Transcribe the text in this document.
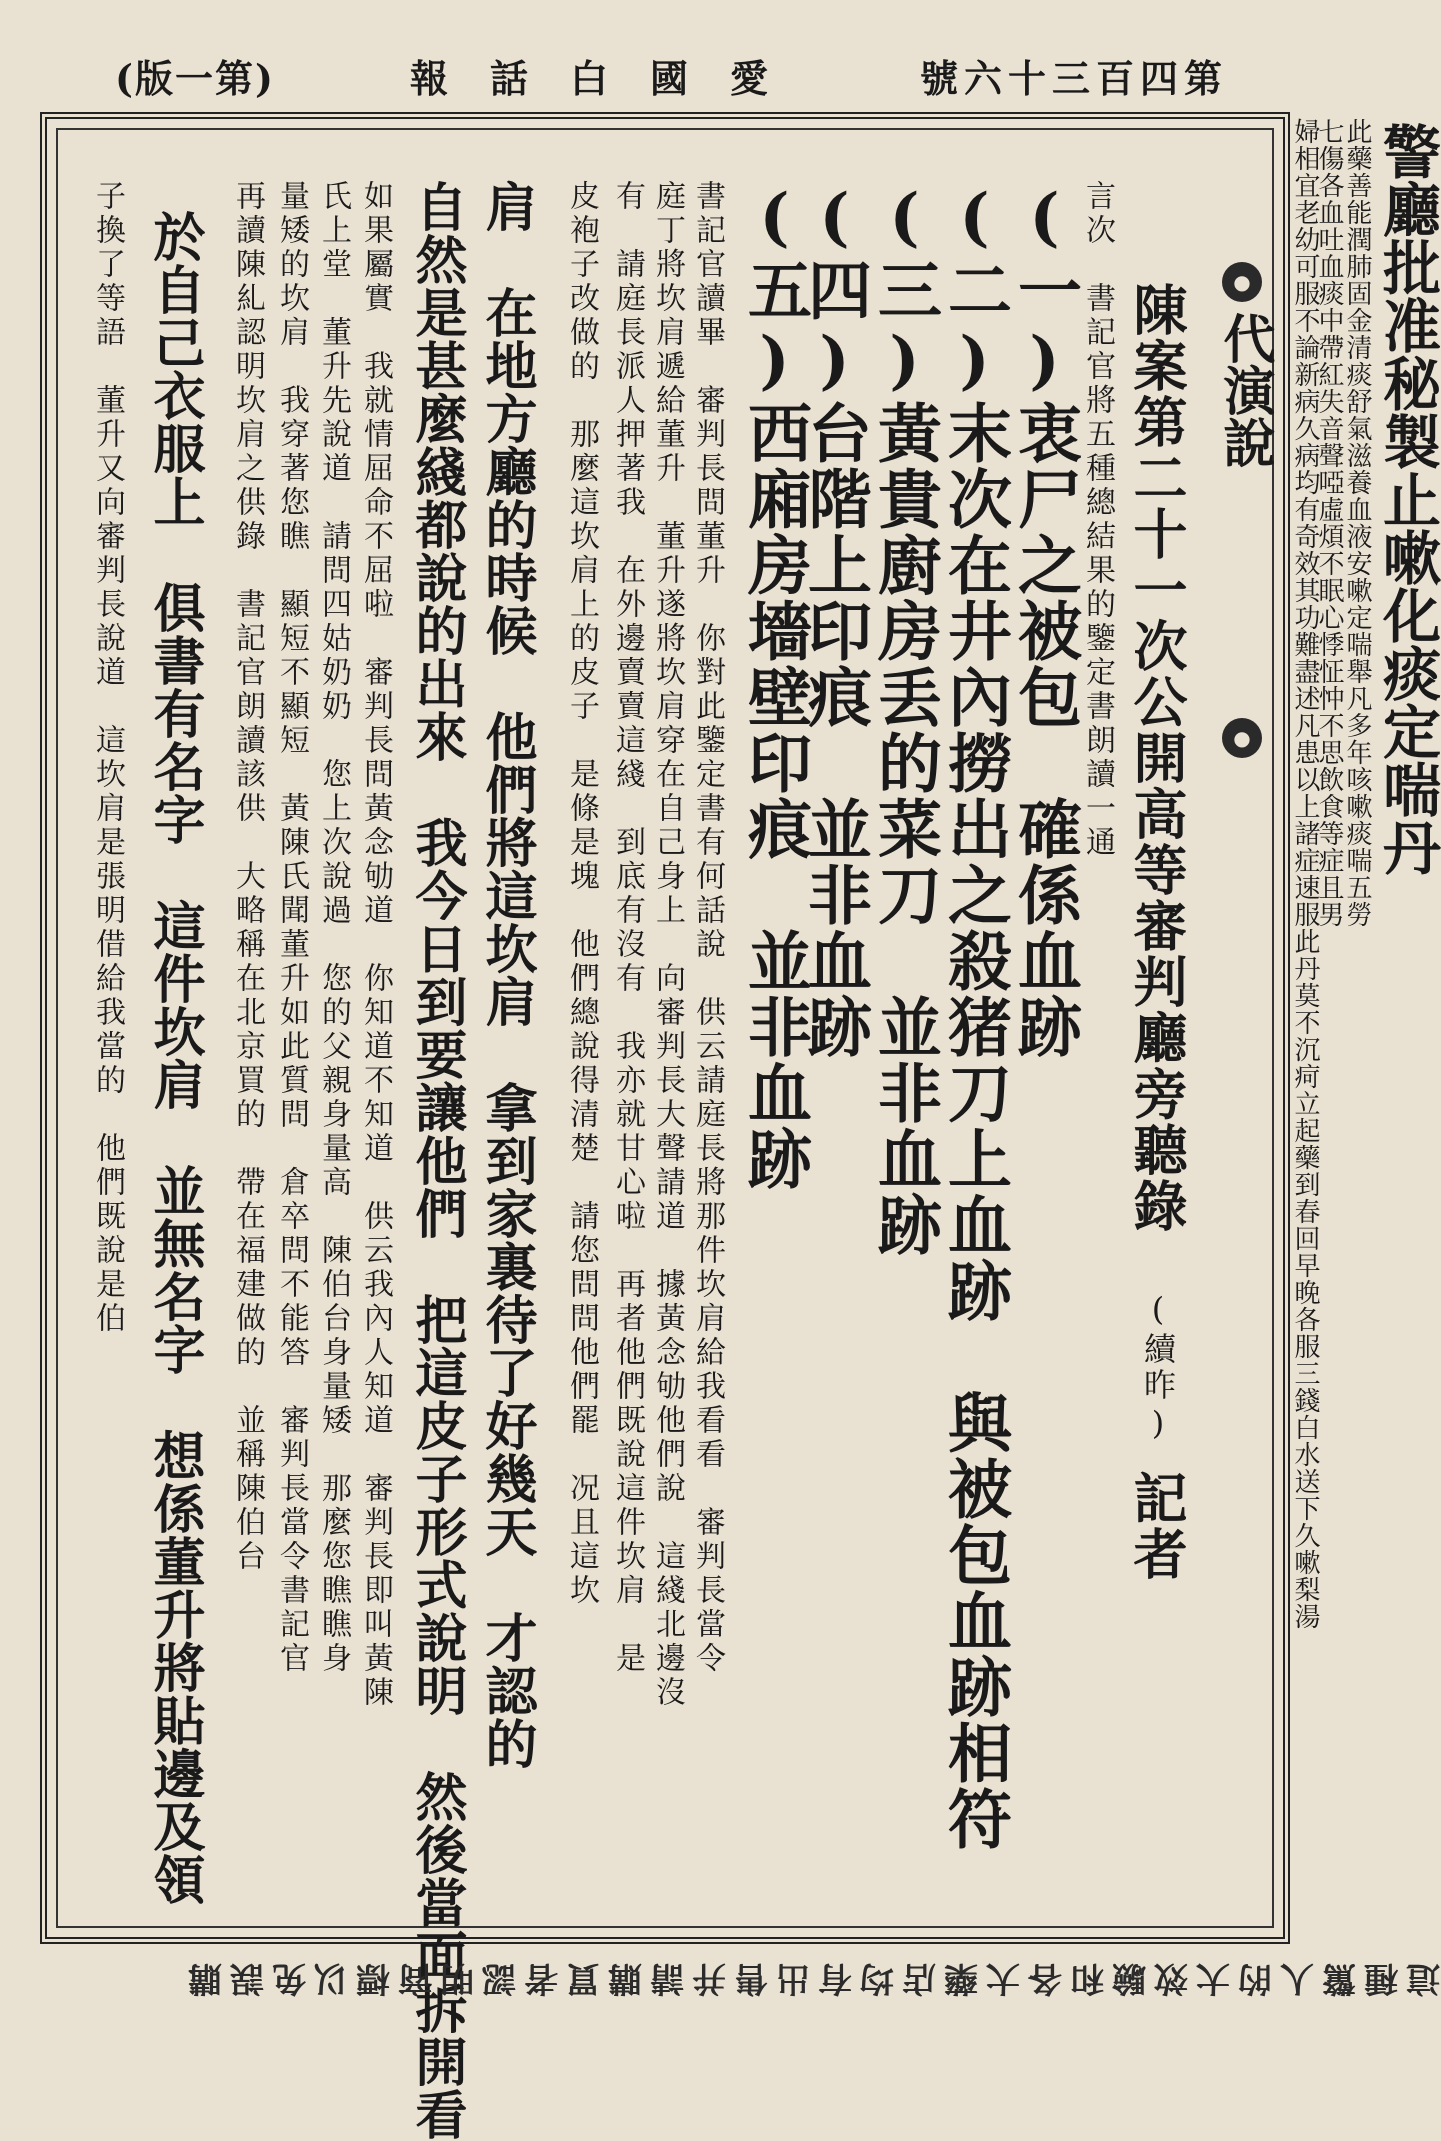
(版一第)	報話白國愛	號六十三百四第
●
代演說
●
陳案第二十一次公開高等審判廳旁聽錄
(續昨)
記者
言次　書記官將五種總結果的鑒定書朗讀一通
(一)衷尸之被包　確係血跡
(二)末次在井內撈出之殺猪刀上血跡　與被包血跡相符
(三)黃貴廚房丢的菜刀　並非血跡
(四)台階上印痕　並非血跡
(五)西廂房墻壁印痕　並非血跡
書記官讀畢　審判長問董升　你對此鑒定書有何話說　供云請庭長將那件坎肩給我看看　審判長當令
庭丁將坎肩遞給董升　董升遂將坎肩穿在自己身上　向審判長大聲請道　據黃念劬他們說　這綫北邊沒
有　請庭長派人押著我　在外邊賣賣這綫　到底有沒有　我亦就甘心啦　再者他們既說這件坎肩　是
皮袍子改做的　那麼這坎肩上的皮子　是條是塊　他們總說得清楚　請您問問他們罷　况且這坎
肩　在地方廳的時候　他們將這坎肩　拿到家裏待了好幾天　才認的
自然是甚麼綫都說的出來　我今日到要讓他們　把這皮子形式說明　然後當面拆開看
如果屬實　我就情屈命不屈啦　審判長問黃念劬道　你知道不知道　供云我內人知道　審判長即叫黃陳
氏上堂　董升先說道　請問四姑奶奶　您上次說過　您的父親身量高　陳伯台身量矮　那麼您瞧瞧身
量矮的坎肩　我穿著您瞧　顯短不顯短　黃陳氏聞董升如此質問　倉卒問不能答　審判長當令書記官
再讀陳糺認明坎肩之供錄　書記官朗讀該供　大略稱在北京買的　帶在福建做的　並稱陳伯台
於自己衣服上　俱書有名字　這件坎肩　並無名字　想係董升將貼邊及領
子換了等語　董升又向審判長說道　這坎肩是張明借給我當的　他們既說是伯	警廳批准秘製止嗽化痰定喘丹
此藥善能潤肺固金清痰舒氣滋養血液安嗽定喘舉凡多年咳嗽痰喘五勞
七傷各血吐血痰中帶紅失音聲啞虛煩不眠心悸怔忡不思飲食等症且男
婦相宜老幼可服不論新病久病均有奇效其功難盡述凡患以上諸症速服此丹莫不沉疴立起藥到春回早晚各服三錢白水送下久嗽梨湯
這種驚人的大效驗和各大藥店均有出售并請購買者認明商標以免誤購
